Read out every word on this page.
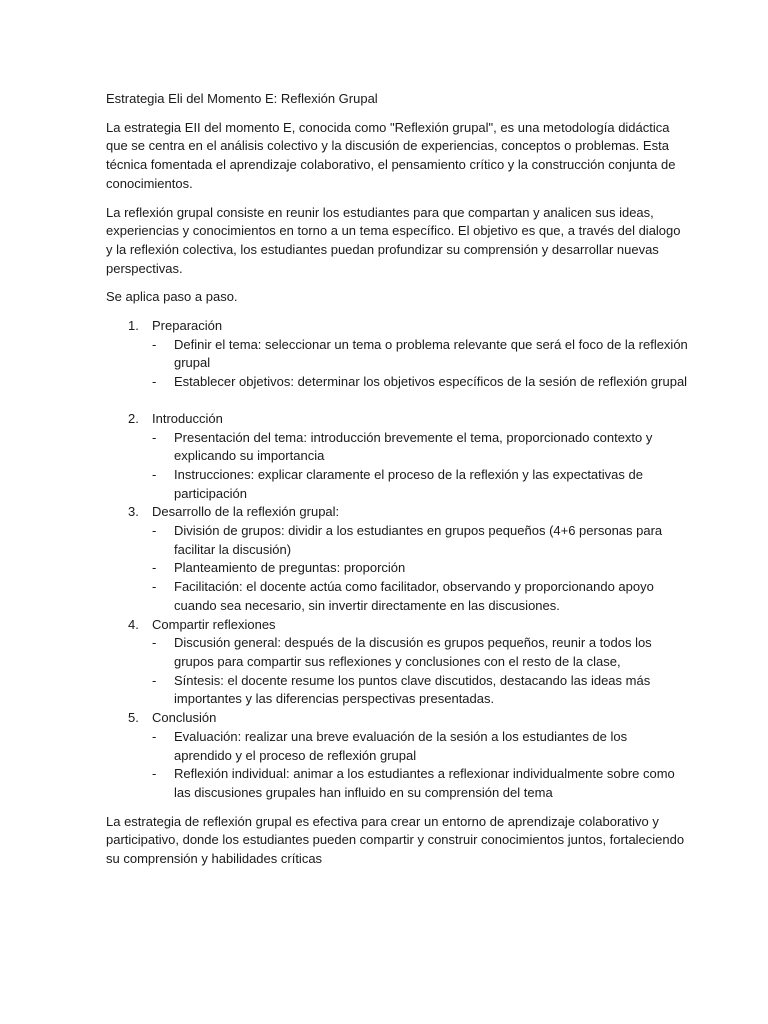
Estrategia Eli del Momento E: Reflexión Grupal

La estrategia EII del momento E, conocida como "Reflexión grupal", es una metodología didáctica que se centra en el análisis colectivo y la discusión de experiencias, conceptos o problemas. Esta técnica fomentada el aprendizaje colaborativo, el pensamiento crítico y la construcción conjunta de conocimientos.

La reflexión grupal consiste en reunir los estudiantes para que compartan y analicen sus ideas, experiencias y conocimientos en torno a un tema específico. El objetivo es que, a través del dialogo y la reflexión colectiva, los estudiantes puedan profundizar su comprensión y desarrollar nuevas perspectivas.

Se aplica paso a paso.

1. Preparación
- Definir el tema: seleccionar un tema o problema relevante que será el foco de la reflexión grupal
- Establecer objetivos: determinar los objetivos específicos de la sesión de reflexión grupal
2. Introducción
- Presentación del tema: introducción brevemente el tema, proporcionado contexto y explicando su importancia
- Instrucciones: explicar claramente el proceso de la reflexión y las expectativas de participación
3. Desarrollo de la reflexión grupal:
- División de grupos: dividir a los estudiantes en grupos pequeños (4+6 personas para facilitar la discusión)
- Planteamiento de preguntas: proporción
- Facilitación: el docente actúa como facilitador, observando y proporcionando apoyo cuando sea necesario, sin invertir directamente en las discusiones.
4. Compartir reflexiones
- Discusión general: después de la discusión es grupos pequeños, reunir a todos los grupos para compartir sus reflexiones y conclusiones con el resto de la clase,
- Síntesis: el docente resume los puntos clave discutidos, destacando las ideas más importantes y las diferencias perspectivas presentadas.
5. Conclusión
- Evaluación: realizar una breve evaluación de la sesión a los estudiantes de los aprendido y el proceso de reflexión grupal
- Reflexión individual: animar a los estudiantes a reflexionar individualmente sobre como las discusiones grupales han influido en su comprensión del tema

La estrategia de reflexión grupal es efectiva para crear un entorno de aprendizaje colaborativo y participativo, donde los estudiantes pueden compartir y construir conocimientos juntos, fortaleciendo su comprensión y habilidades críticas
